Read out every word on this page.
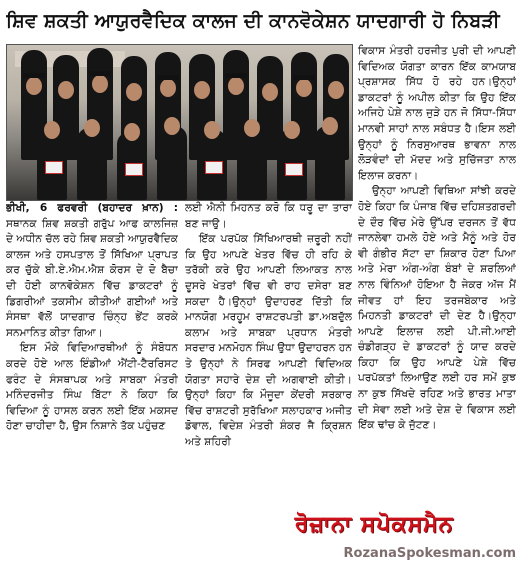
ਸ਼ਿਵ ਸ਼ਕਤੀ ਆਯੁਰਵੈਦਿਕ ਕਾਲਜ ਦੀ ਕਾਨਵੋਕੇਸ਼ਨ ਯਾਦਗਾਰੀ ਹੋ ਨਿਬੜੀ

ਭੀਖੀ, 6 ਫਰਵਰੀ (ਬਹਾਦਰ ਖ਼ਾਨ) : ਸਥਾਨਕ ਸ਼ਿਵ ਸ਼ਕਤੀ ਗਰੁੱਪ ਆਫ ਕਾਲਜਿਜ਼ ਦੇ ਅਧੀਨ ਚੱਲ ਰਹੇ ਸ਼ਿਵ ਸ਼ਕਤੀ ਆਯੁਰਵੈਦਿਕ ਕਾਲਜ ਅਤੇ ਹਸਪਤਾਲ ਤੋਂ ਸਿੱਖਿਆ ਪ੍ਰਾਪਤ ਕਰ ਚੁੱਕੇ ਬੀ.ਏ.ਐਮ.ਐਸ਼ ਕੋਰਸ ਦੇ ਦੋ ਬੈਚਾ ਦੀ ਹੋਈ ਕਾਨਵੋਕੇਸ਼ਨ ਵਿੱਚ ਡਾਕਟਰਾਂ ਨੂੰ ਡਿਗਰੀਆਂ ਤਕਸੀਮ ਕੀਤੀਆਂ ਗਈਆਂ ਅਤੇ ਸੰਸਥਾ ਵੱਲੋਂ ਯਾਦਗਾਰ ਚਿੰਨ੍ਹ ਭੇਂਟ ਕਰਕੇ ਸਨਮਾਨਿਤ ਕੀਤਾ ਗਿਆ।

ਇਸ ਮੌਕੇ ਵਿਦਿਆਰਥੀਆਂ ਨੂੰ ਸੰਬੋਧਨ ਕਰਦੇ ਹੋਏ ਆਲ ਇੰਡੀਆਂ ਐਂਟੀ-ਟੈਰਰਿਸਟ ਫਰੰਟ ਦੇ ਸੰਸਥਾਪਕ ਅਤੇ ਸਾਬਕਾ ਮੰਤਰੀ ਮਨਿੰਦਰਜੀਤ ਸਿੰਘ ਬਿੱਟਾ ਨੇ ਕਿਹਾ ਕਿ ਵਿਦਿਆ ਨੂੰ ਹਾਸਲ ਕਰਨ ਲਈ ਇੱਕ ਮਕਸਦ ਹੋਣਾ ਚਾਹੀਦਾ ਹੈ, ਉਸ ਨਿਸ਼ਾਨੇ ਤੱਕ ਪਹੁੰਚਣ

ਲਈ ਐਨੀ ਮਿਹਨਤ ਕਰੋ ਕਿ ਧਰੂ ਦਾ ਤਾਰਾ ਬਣ ਜਾਉ।

ਇੱਕ ਪਰਪੱਕ ਸਿੱਖਿਆਰਥੀ ਜ਼ਰੂਰੀ ਨਹੀਂ ਕਿ ਉਹ ਆਪਣੇ ਖੇਤਰ ਵਿੱਚ ਹੀ ਰਹਿ ਕੇ ਤਰੱਕੀ ਕਰੇ ਉਹ ਆਪਣੀ ਲਿਆਕਤ ਨਾਲ ਦੂਸਰੇ ਖੇਤਰਾਂ ਵਿੱਚ ਵੀ ਰਾਹ ਦਸੇਰਾ ਬਣ ਸਕਦਾ ਹੈ।ਉਨ੍ਹਾਂ ਉਦਾਹਰਣ ਦਿੱਤੀ ਕਿ ਮਾਨਯੋਗ ਮਰਹੂਮ ਰਾਸ਼ਟਰਪਤੀ ਡਾ.ਅਬਦੁੱਲ ਕਲਾਮ ਅਤੇ ਸਾਬਕਾ ਪ੍ਰਧਾਨ ਮੰਤਰੀ ਸਰਦਾਰ ਮਨਮੋਹਨ ਸਿੰਘ ਉਧਾ ਉਦਾਹਰਨ ਹਨ ਤੇ ਉਨ੍ਹਾਂ ਨੇ ਸਿਰਫ ਆਪਣੀ ਵਿਦਿਅਕ ਯੋਗਤਾ ਸਹਾਰੇ ਦੇਸ਼ ਦੀ ਅਗਵਾਈ ਕੀਤੀ।ਉਨ੍ਹਾਂ ਕਿਹਾ ਕਿ ਮੌਜੂਦਾ ਕੇਂਦਰੀ ਸਰਕਾਰ ਵਿੱਚ ਰਾਸ਼ਟਰੀ ਸੁਰੱਖਿਆ ਸਲਾਹਕਾਰ ਅਜੀਤ ਡੋਵਾਲ, ਵਿਦੇਸ਼ ਮੰਤਰੀ ਸ਼ੰਕਰ ਜੈ ਕ੍ਰਿਸ਼ਨ ਅਤੇ ਸ਼ਹਿਰੀ

ਵਿਕਾਸ ਮੰਤਰੀ ਹਰਜੀਤ ਪੁਰੀ ਦੀ ਆਪਣੀ ਵਿਦਿਅਕ ਯੋਗਤਾ ਕਾਰਨ ਇੱਕ ਕਾਮਯਾਬ ਪ੍ਰਸ਼ਾਸਕ ਸਿੱਧ ਹੋ ਰਹੇ ਹਨ।ਉਨ੍ਹਾਂ ਡਾਕਟਰਾਂ ਨੂੰ ਅਪੀਲ ਕੀਤਾ ਕਿ ਉਹ ਇੱਕ ਅਜਿਹੇ ਪੇਸ਼ੇ ਨਾਲ ਜੁੜੇ ਹਨ ਜੋ ਸਿੱਧਾ-ਸਿੱਧਾ ਮਾਨਵੀ ਸਾਹਾਂ ਨਾਲ ਸਬੰਧਤ ਹੈ।ਇਸ ਲਈ ਉਨ੍ਹਾਂ ਨੂੰ ਨਿਰਸੁਆਰਥ ਭਾਵਨਾ ਨਾਲ ਲੋੜਵੰਦਾਂ ਦੀ ਮੱਦਦ ਅਤੇ ਸੁਚਿੱਜਤਾ ਨਾਲ ਇਲਾਜ ਕਰਨਾ।

ਉਨ੍ਹਾ ਆਪਣੀ ਵਿਥਿਆ ਸਾਂਝੀ ਕਰਦੇ ਹੋਏ ਕਿਹਾ ਕਿ ਪੰਜਾਬ ਵਿੱਚ ਦਹਿਸ਼ਤਗਰਦੀ ਦੇ ਦੌਰ ਵਿੱਚ ਮੇਰੇ ਉੱਪਰ ਦਰਜਨ ਤੋਂ ਵੱਧ ਜਾਨਲੇਵਾ ਹਮਲੇ ਹੋਏ ਅਤੇ ਮੈਨੂੰ ਅਤੇ ਹੋਰ ਵੀ ਗੰਭੀਰ ਸੱਟਾ ਦਾ ਸ਼ਿਕਾਰ ਹੋਣਾ ਪਿਆ ਅਤੇ ਮੇਰਾ ਅੰਗ-ਅੰਗ ਬੰਬਾਂ ਦੇ ਸ਼ਰਲਿਆਂ ਨਾਲ ਵਿੰਨਿਆਂ ਹੋਇਆ ਹੈ ਜੇਕਰ ਅੱਜ ਮੈਂ ਜੀਵਤ ਹਾਂ ਇਹ ਤਰਜਬੇਕਾਰ ਅਤੇ ਮਿਹਨਤੀ ਡਾਕਟਰਾਂ ਦੀ ਦੇਣ ਹੈ।ਉਨ੍ਹਾ ਆਪਣੇ ਇਲਾਜ਼ ਲਈ ਪੀ.ਜੀ.ਆਈ ਚੰਡੀਗੜ੍ਹ ਦੇ ਡਾਕਟਰਾਂ ਨੂੰ ਯਾਦ ਕਰਦੇ ਕਿਹਾ ਕਿ ਉਹ ਆਪਣੇ ਪੇਸ਼ੇ ਵਿੱਚ ਪਰਪੱਕਤਾਂ ਲਿਆਉਣ ਲਈ ਹਰ ਸਮੇਂ ਕੁਝ ਨਾ ਕੁਝ ਸਿੱਖਦੇ ਰਹਿਣ ਅਤੇ ਭਾਰਤ ਮਾਤਾ ਦੀ ਸੇਵਾ ਲਈ ਅਤੇ ਦੇਸ਼ ਦੇ ਵਿਕਾਸ ਲਈ ਇੱਕ ਢਾਂਚ ਕੇ ਜੁੱਟਣ।

ਰੋਜ਼ਾਨਾ ਸਪੋਕਸਮੈਨ
RozanaSpokesman.com
